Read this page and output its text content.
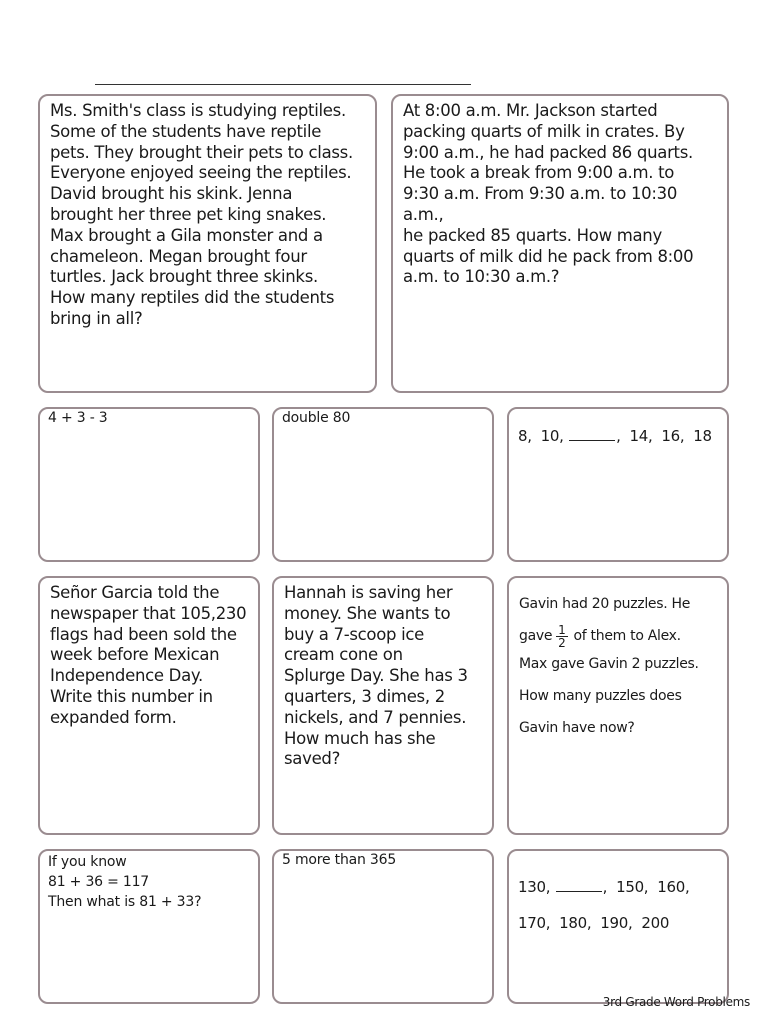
Ms. Smith's class is studying reptiles.
Some of the students have reptile
pets. They brought their pets to class.
Everyone enjoyed seeing the reptiles.
David brought his skink. Jenna
brought her three pet king snakes.
Max brought a Gila monster and a
chameleon. Megan brought four
turtles. Jack brought three skinks.
How many reptiles did the students
bring in all?

At 8:00 a.m. Mr. Jackson started
packing quarts of milk in crates. By
9:00 a.m., he had packed 86 quarts.
He took a break from 9:00 a.m. to
9:30 a.m. From 9:30 a.m. to 10:30 a.m.,
he packed 85 quarts. How many
quarts of milk did he pack from 8:00
a.m. to 10:30 a.m.?

4 + 3 - 3	double 80

8,  10,	,  14,  16,  18

Señor Garcia told the
newspaper that 105,230
flags had been sold the
week before Mexican
Independence Day.
Write this number in
expanded form.

Hannah is saving her
money. She wants to
buy a 7-scoop ice
cream cone on
Splurge Day. She has 3
quarters, 3 dimes, 2
nickels, and 7 pennies.
How much has she
saved?

Gavin had 20 puzzles. He
gave $\frac{1}{2}$ of them to Alex.
Max gave Gavin 2 puzzles.
How many puzzles does
Gavin have now?

If you know
81 + 36 = 117
Then what is 81 + 33?

5 more than 365

130,	,  150,  160,
170,  180,  190,  200
3rd Grade Word Problems
